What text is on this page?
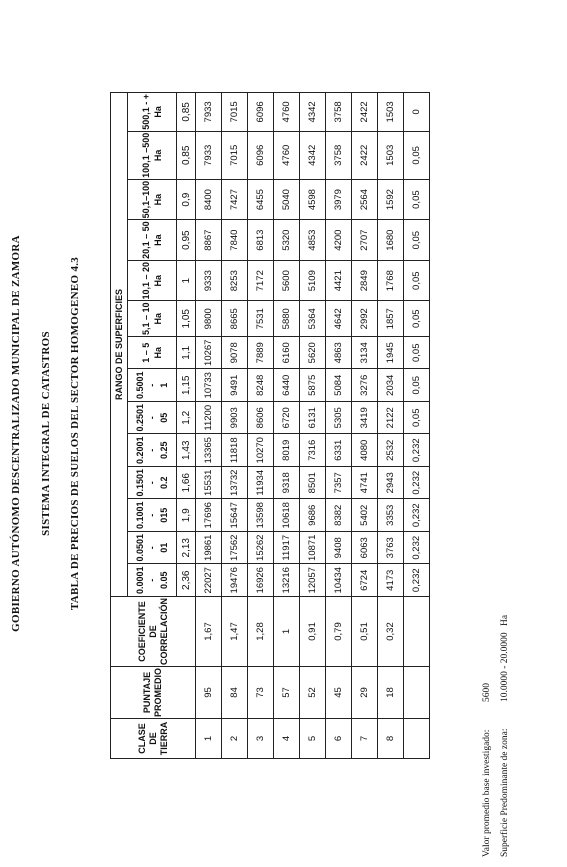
GOBIERNO AUTÓNOMO DESCENTRALIZADO MUNICIPAL DE ZAMORA SISTEMA INTEGRAL DE CATASTROS TABLA DE PRECIOS DE SUELOS DEL SECTOR HOMOGENEO 4.3
CLASE DE TIERRA	PUNTAJE PROMEDIO	COEFICIENTE DE CORRELACIÓN	RANGO DE SUPERFICIES													

			0.0001 - 0.05	0.0501 - 01	0.1001 - 015	0.1501 - 0.2	0.2001 - 0.25	0.2501 - 05	0.5001 - 1	1 – 5 Ha	5,1 – 10 Ha	10,1 – 20 Ha	20,1 – 50 Ha	50,1–100 Ha	100,1 –500 Ha	500,1 - + Ha

			2,36	2,13	1,9	1,66	1,43	1,2	1,15	1,1	1,05	1	0,95	0,9	0,85	0,85
1	95	1,67	22027	19861	17696	15531	13365	11200	10733	10267	9800	9333	8867	8400	7933	7933
2	84	1,47	19476	17562	15647	13732	11818	9903	9491	9078	8665	8253	7840	7427	7015	7015
3	73	1,28	16926	15262	13598	11934	10270	8606	8248	7889	7531	7172	6813	6455	6096	6096
4	57	1	13216	11917	10618	9318	8019	6720	6440	6160	5880	5600	5320	5040	4760	4760
5	52	0,91	12057	10871	9686	8501	7316	6131	5875	5620	5364	5109	4853	4598	4342	4342
6	45	0,79	10434	9408	8382	7357	6331	5305	5084	4863	4642	4421	4200	3979	3758	3758
7	29	0,51	6724	6063	5402	4741	4080	3419	3276	3134	2992	2849	2707	2564	2422	2422
8	18	0,32	4173	3763	3353	2943	2532	2122	2034	1945	1857	1768	1680	1592	1503	1503
			0,232	0,232	0,232	0,232	0,232	0,05	0,05	0,05	0,05	0,05	0,05	0,05	0,05	0
Valor promedio base investigado:
5600
Superficie Predominante de zona:
10.0000 - 20.0000 Ha
